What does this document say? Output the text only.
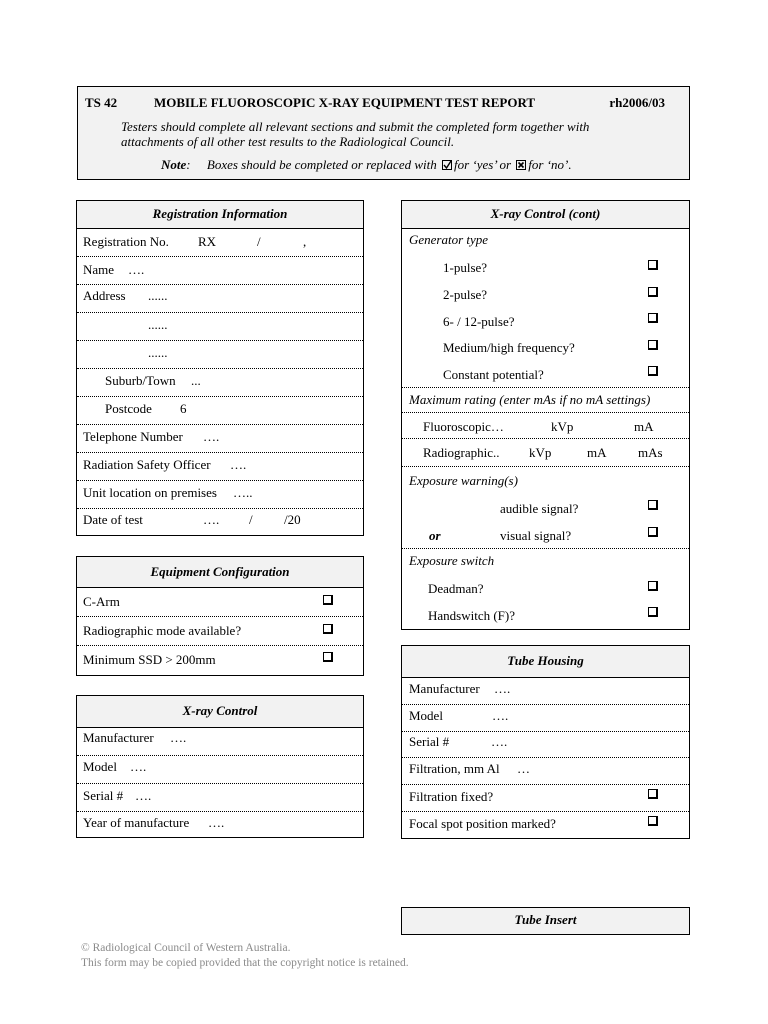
TS 42	MOBILE FLUOROSCOPIC X-RAY EQUIPMENT TEST REPORT	rh2006/03
Testers should complete all relevant sections and submit the completed form together with
attachments of all other test results to the Radiological Council.
Note:     Boxes should be completed or replaced with for ‘yes’ or ☒ for ‘no’.
Registration Information
Registration No. RX	/	,
Name ….
Address ......
......
......
Suburb/Town ...
Postcode 6
Telephone Number ….
Radiation Safety Officer ….
Unit location on premises …..
Date of test	…. / /20
Equipment Configuration
C-Arm
Radiographic mode available?
Minimum SSD > 200mm
X-ray Control
Manufacturer ….
Model ….
Serial # ….
Year of manufacture ….
X-ray Control (cont)
Generator type
1-pulse?
2-pulse?
6- / 12-pulse?
Medium/high frequency?
Constant potential?
Maximum rating (enter mAs if no mA settings)
Fluoroscopic…	kVp	mA
Radiographic.. kVp	mA mAs
Exposure warning(s)
audible signal?
or	visual signal?
Exposure switch
Deadman?
Handswitch (F)?
Tube Housing
Manufacturer ….
Model	….
Serial #	….
Filtration, mm Al …
Filtration fixed?
Focal spot position marked?
Tube Insert
© Radiological Council of Western Australia.
This form may be copied provided that the copyright notice is retained.
